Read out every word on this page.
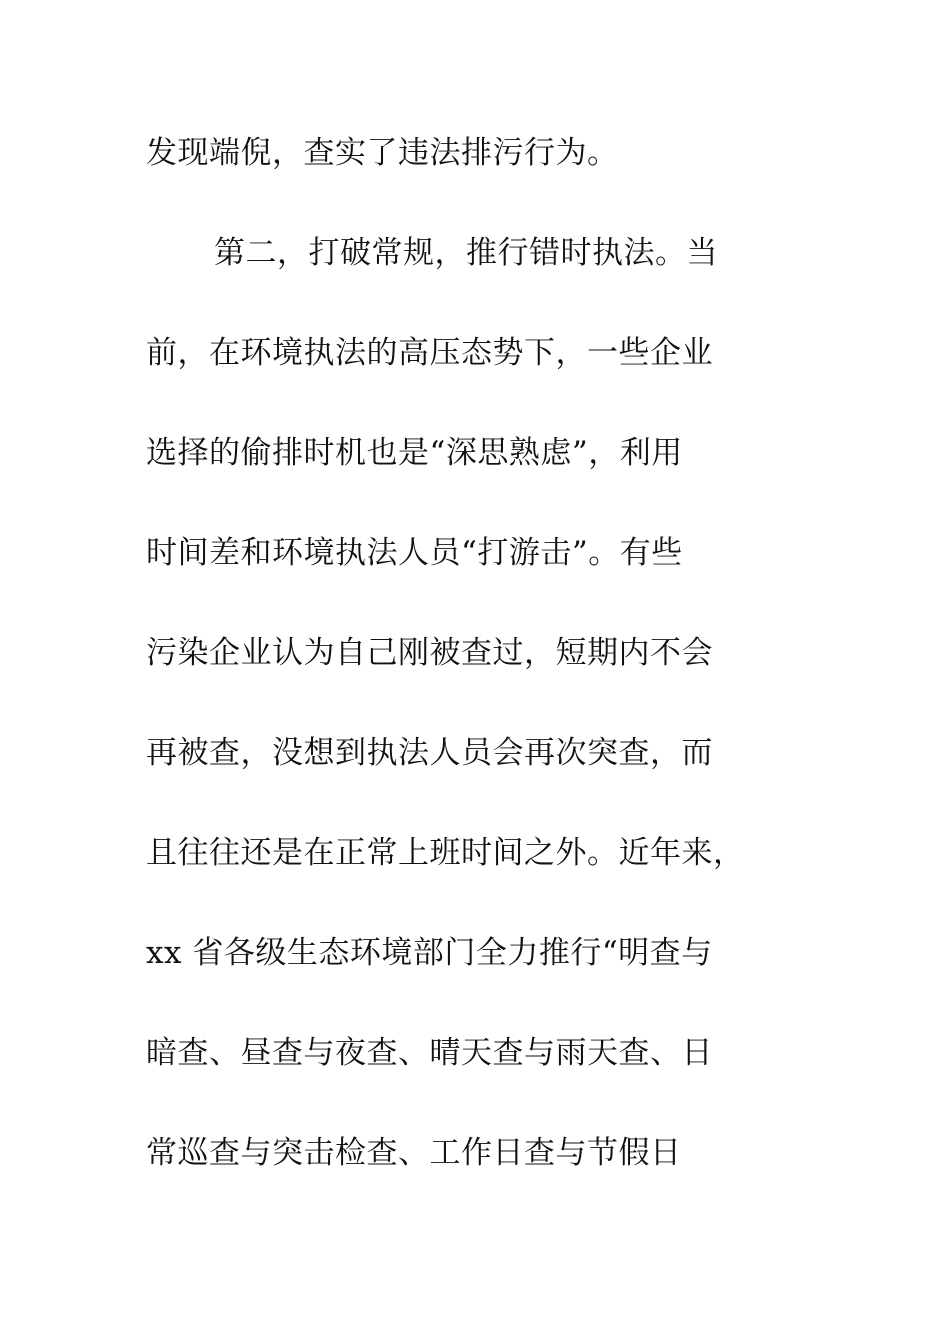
发现端倪，查实了违法排污行为。
第二，打破常规，推行错时执法。当
前，在环境执法的高压态势下，一些企业
选择的偷排时机也是“深思熟虑”，利用
时间差和环境执法人员“打游击”。有些
污染企业认为自己刚被查过，短期内不会
再被查，没想到执法人员会再次突查，而
且往往还是在正常上班时间之外。近年来，
xx 省各级生态环境部门全力推行“明查与
暗查、昼查与夜查、晴天查与雨天查、日
常巡查与突击检查、工作日查与节假日
